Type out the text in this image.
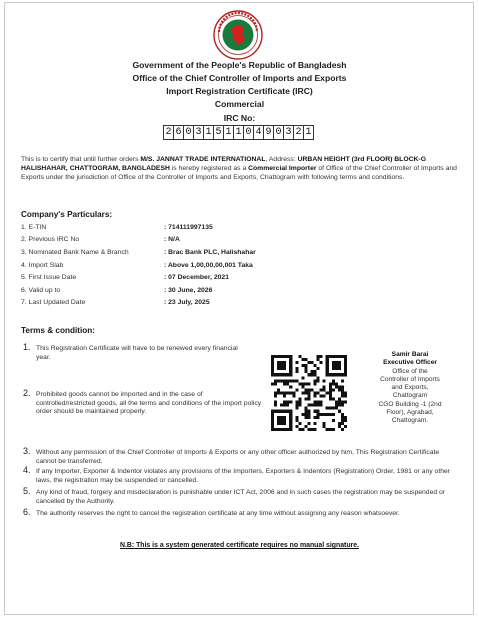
Government of the People's Republic of Bangladesh
Office of the Chief Controller of Imports and Exports
Import Registration Certificate (IRC)
Commercial
IRC No:
2 6 0 3 1 5 1 1 0 4 9 0 3 2 1
This is to certify that until further orders M/S. JANNAT TRADE INTERNATIONAL, Address: URBAN HEIGHT (3rd FLOOR) BLOCK-G HALISHAHAR, CHATTOGRAM, BANGLADESH is hereby registered as a Commercial Importer of Office of the Chief Controller of Imports and Exports under the jurisdiction of Office of the Controller of Imports and Exports, Chattogram with following terms and conditions.
Company's Particulars:
1. E-TIN	: 714111997135
2. Previous IRC No	: N/A
3. Nominated Bank Name & Branch	: Brac Bank PLC, Halishahar
4. Import Slab	: Above 1,00,00,00,001 Taka
5. First Issue Date	: 07 December, 2021
6. Valid up to	: 30 June, 2026
7. Last Updated Date	: 23 July, 2025
Terms & condition:
1. This Registration Certificate will have to be renewed every financial year.
2. Prohibited goods cannot be imported and in the case of controlled/restricted goods, all the terms and conditions of the import policy order should be maintained properly.
3. Without any permission of the Chief Controller of Imports & Exports or any other officer authorized by him, This Registration Certificate cannot be transferred.
4. If any Importer, Exporter & Indentor violates any provisions of the Importers, Exporters & Indentors (Registration) Order, 1981 or any other laws, the registration may be suspended or cancelled.
5. Any kind of fraud, forgery and misdeclaration is punishable under ICT Act, 2006 and in such cases the registration may be suspended or cancelled by the Authority.
6. The authority reserves the right to cancel the registration certificate at any time without assigning any reason whatsoever.
Samir Barai
Executive Officer
Office of the
Controller of Imports
and Exports,
Chattogram
CGO Building -1 (2nd
Floor), Agrabad,
Chattogram.
N.B: This is a system generated certificate requires no manual signature.
